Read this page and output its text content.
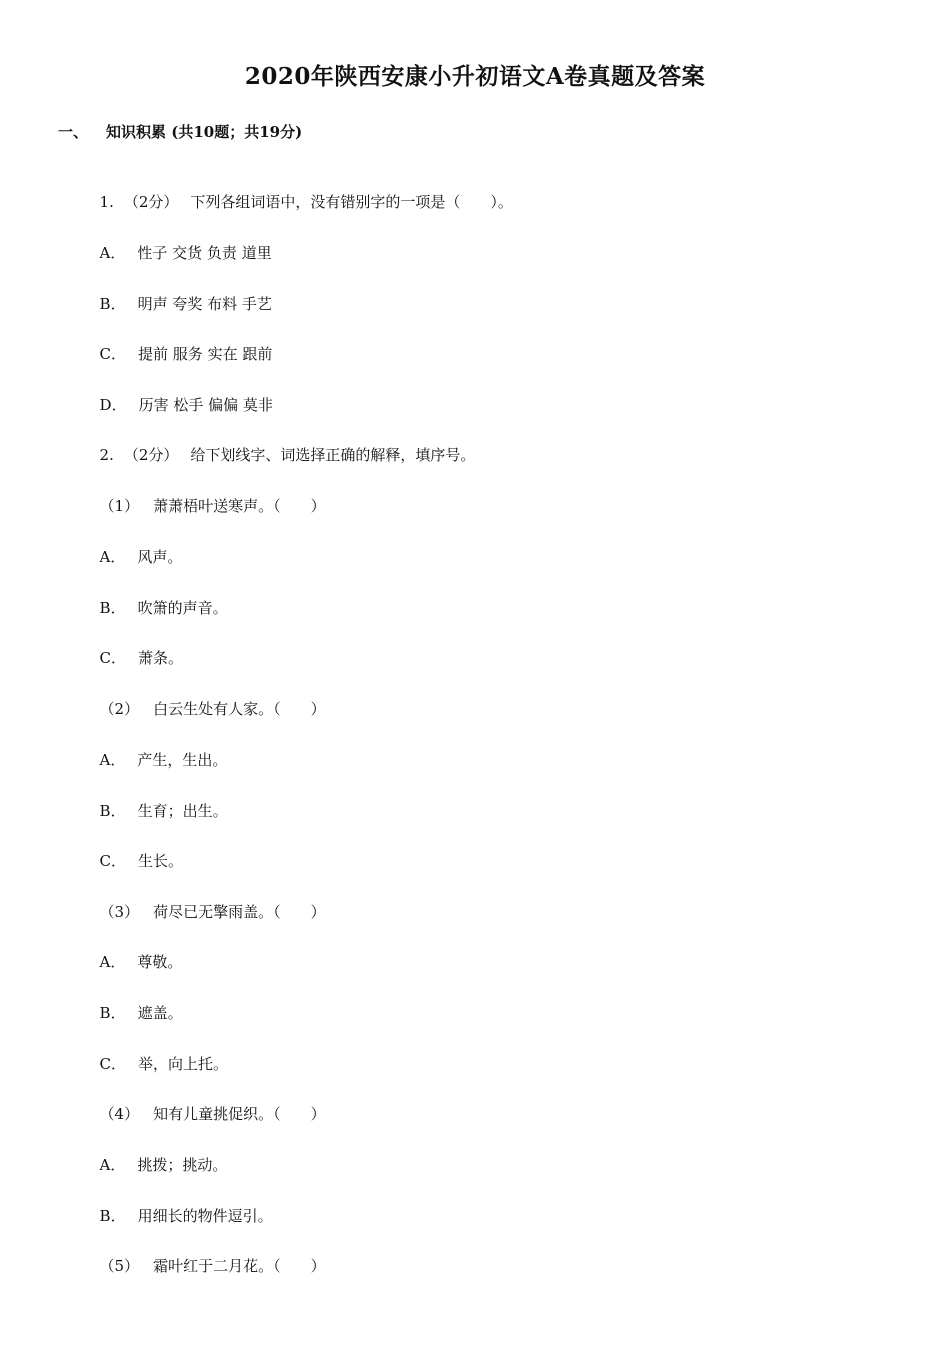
2020年陕西安康小升初语文A卷真题及答案
一、 知识积累 (共10题；共19分)

1. （2分） 下列各组词语中，没有错别字的一项是（　　）。

A． 性子 交货 负责 道里

B． 明声 夸奖 布料 手艺

C． 提前 服务 实在 跟前

D． 历害 松手 偏偏 莫非

2. （2分） 给下划线字、词选择正确的解释，填序号。

（1） 萧萧梧叶送寒声。（　　）

A． 风声。

B． 吹箫的声音。

C． 萧条。

（2） 白云生处有人家。（　　）

A． 产生，生出。

B． 生育；出生。

C． 生长。

（3） 荷尽已无擎雨盖。（　　）

A． 尊敬。

B． 遮盖。

C． 举，向上托。

（4） 知有儿童挑促织。（　　）

A． 挑拨；挑动。

B． 用细长的物件逗引。

（5） 霜叶红于二月花。（　　）
